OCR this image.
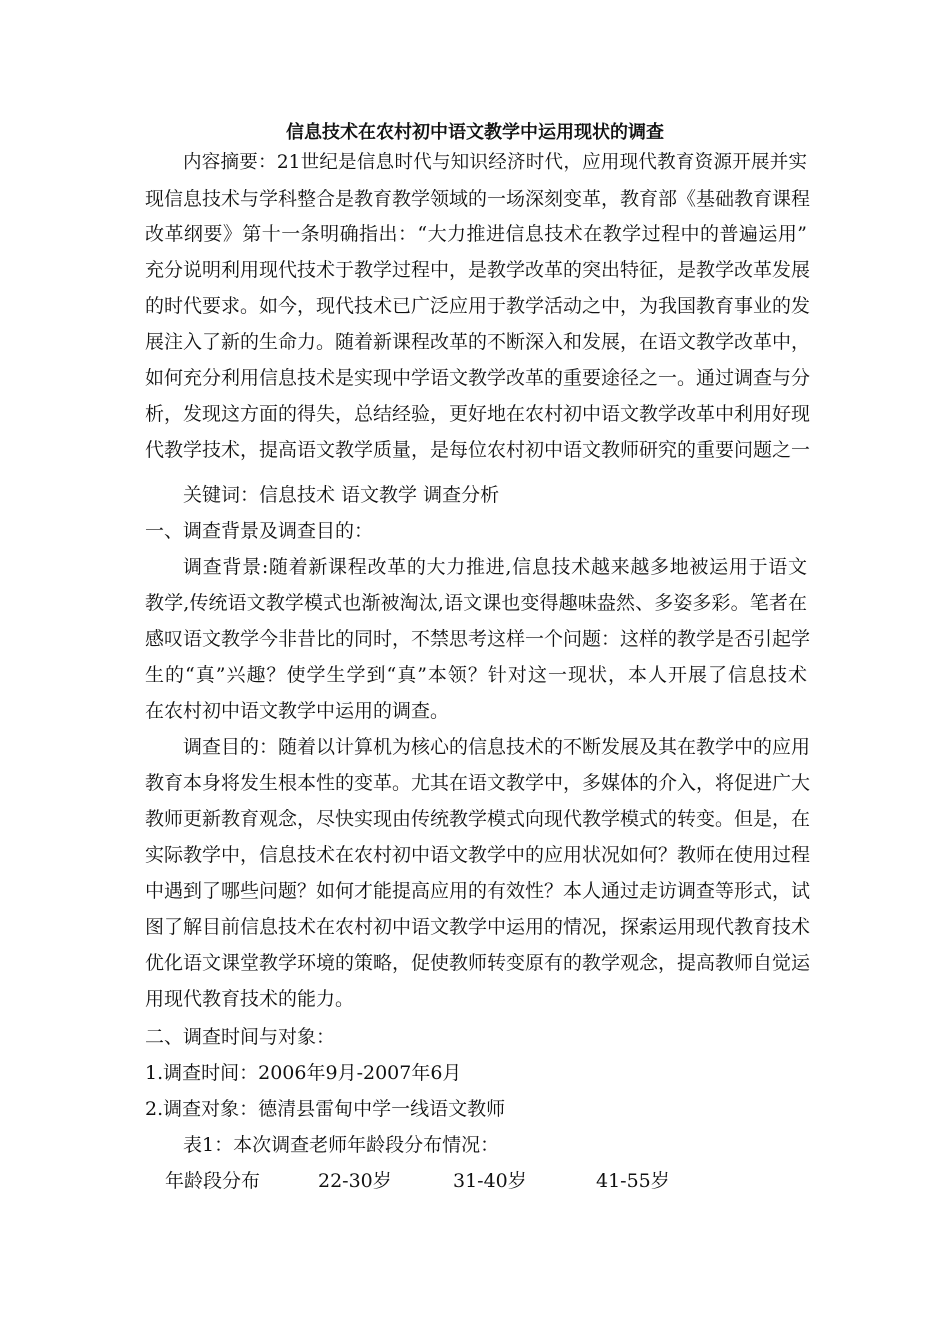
信息技术在农村初中语文教学中运用现状的调查
内容摘要：21世纪是信息时代与知识经济时代，应用现代教育资源开展并实
现信息技术与学科整合是教育教学领域的一场深刻变革，教育部《基础教育课程
改革纲要》第十一条明确指出：“大力推进信息技术在教学过程中的普遍运用”
充分说明利用现代技术于教学过程中，是教学改革的突出特征，是教学改革发展
的时代要求。如今，现代技术已广泛应用于教学活动之中，为我国教育事业的发
展注入了新的生命力。随着新课程改革的不断深入和发展，在语文教学改革中，
如何充分利用信息技术是实现中学语文教学改革的重要途径之一。通过调查与分
析，发现这方面的得失，总结经验，更好地在农村初中语文教学改革中利用好现
代教学技术，提高语文教学质量，是每位农村初中语文教师研究的重要问题之一
关键词：信息技术 语文教学 调查分析
一、调查背景及调查目的：
调查背景:随着新课程改革的大力推进,信息技术越来越多地被运用于语文
教学,传统语文教学模式也渐被淘汰,语文课也变得趣味盎然、多姿多彩。笔者在
感叹语文教学今非昔比的同时，不禁思考这样一个问题：这样的教学是否引起学
生的“真”兴趣？使学生学到“真”本领？针对这一现状，本人开展了信息技术
在农村初中语文教学中运用的调查。
调查目的：随着以计算机为核心的信息技术的不断发展及其在教学中的应用
教育本身将发生根本性的变革。尤其在语文教学中，多媒体的介入，将促进广大
教师更新教育观念，尽快实现由传统教学模式向现代教学模式的转变。但是，在
实际教学中，信息技术在农村初中语文教学中的应用状况如何？教师在使用过程
中遇到了哪些问题？如何才能提高应用的有效性？本人通过走访调查等形式，试
图了解目前信息技术在农村初中语文教学中运用的情况，探索运用现代教育技术
优化语文课堂教学环境的策略，促使教师转变原有的教学观念，提高教师自觉运
用现代教育技术的能力。
二、调查时间与对象：
1.调查时间：2006年9月-2007年6月
2.调查对象：德清县雷甸中学一线语文教师
表1：本次调查老师年龄段分布情况：
年龄段分布	22-30岁	31-40岁	41-55岁
